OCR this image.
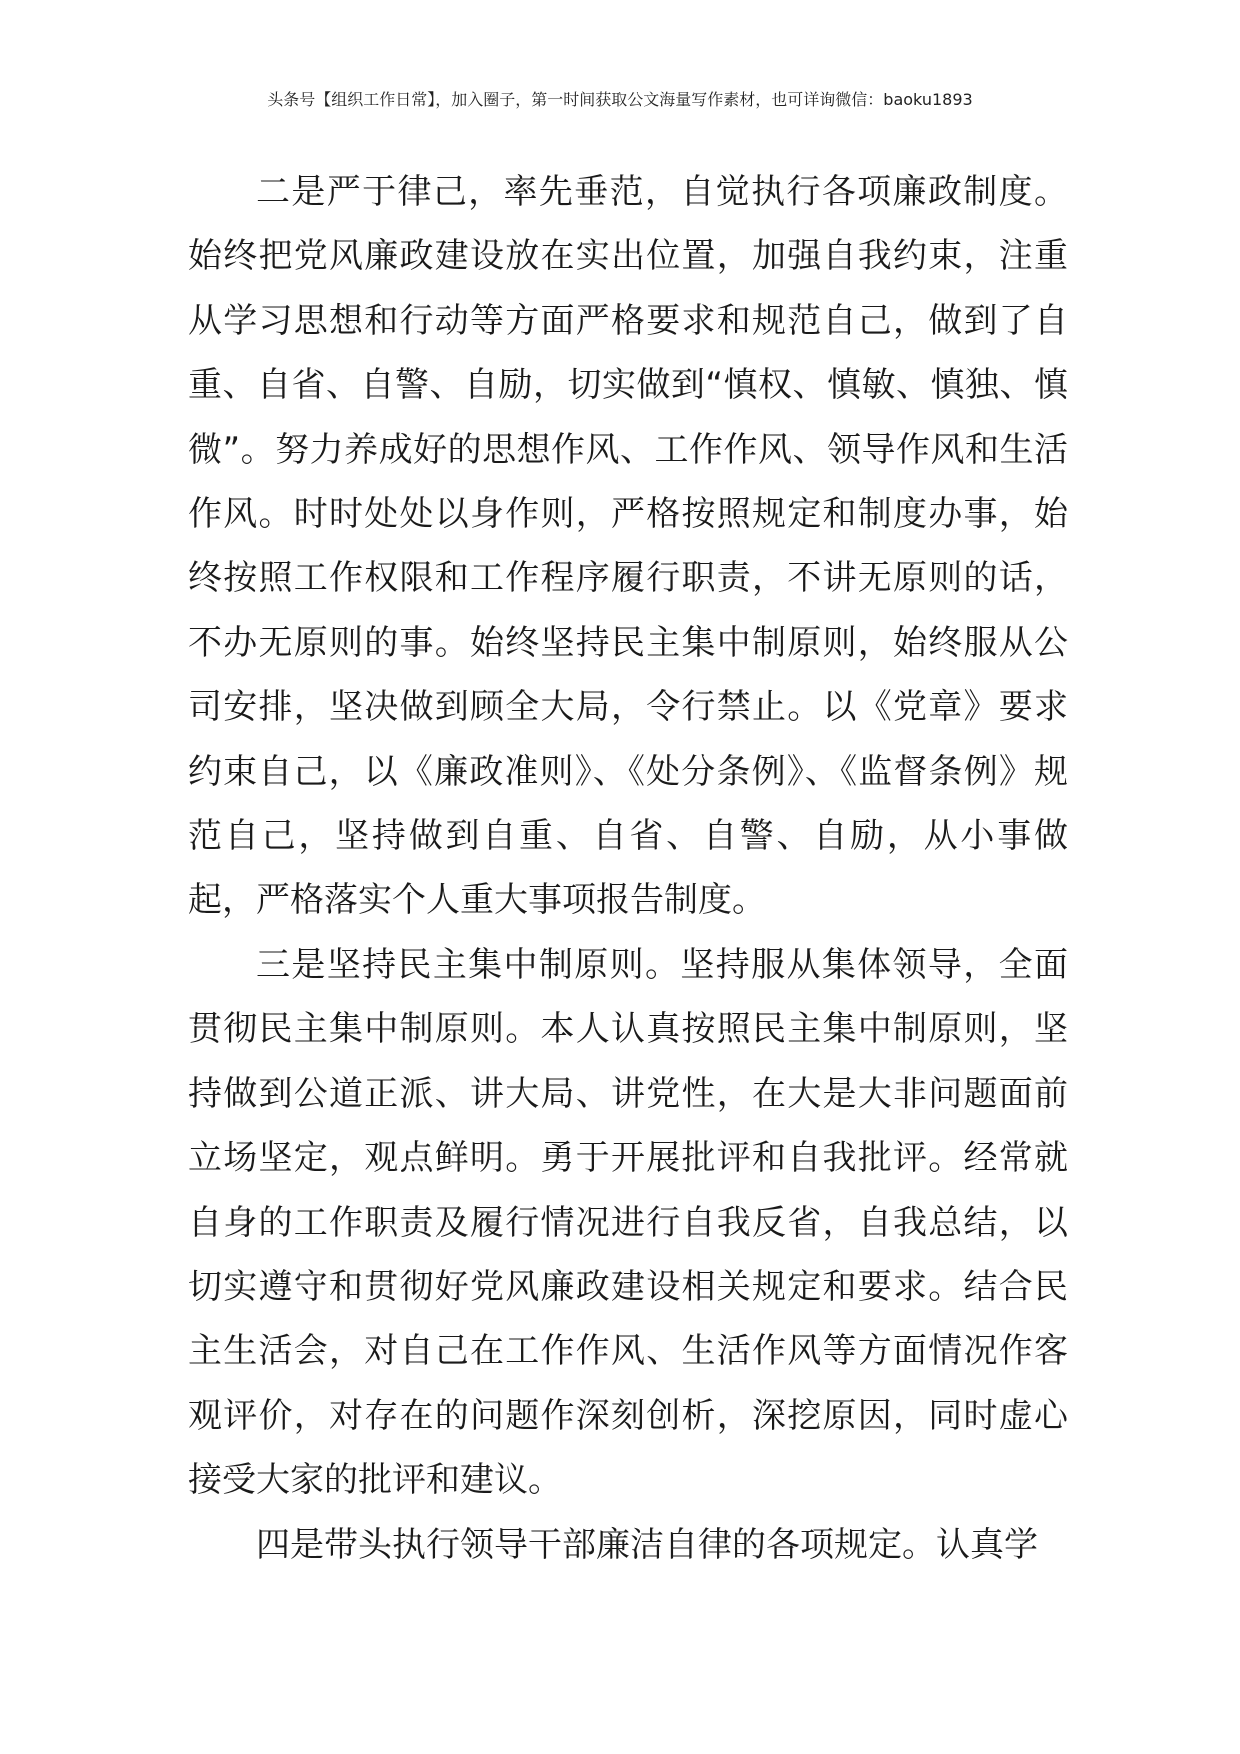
头条号【组织工作日常】，加入圈子，第一时间获取公文海量写作素材，也可详询微信：baoku1893

二是严于律己，率先垂范，自觉执行各项廉政制度。始终把党风廉政建设放在实出位置，加强自我约束，注重从学习思想和行动等方面严格要求和规范自己，做到了自重、自省、自警、自励，切实做到“慎权、慎敏、慎独、慎微”。努力养成好的思想作风、工作作风、领导作风和生活作风。时时处处以身作则，严格按照规定和制度办事，始终按照工作权限和工作程序履行职责，不讲无原则的话，不办无原则的事。始终坚持民主集中制原则，始终服从公司安排，坚决做到顾全大局，令行禁止。以《党章》要求约束自己，以《廉政准则》、《处分条例》、《监督条例》规范自己，坚持做到自重、自省、自警、自励，从小事做起，严格落实个人重大事项报告制度。

三是坚持民主集中制原则。坚持服从集体领导，全面贯彻民主集中制原则。本人认真按照民主集中制原则，坚持做到公道正派、讲大局、讲党性，在大是大非问题面前立场坚定，观点鲜明。勇于开展批评和自我批评。经常就自身的工作职责及履行情况进行自我反省，自我总结，以切实遵守和贯彻好党风廉政建设相关规定和要求。结合民主生活会，对自己在工作作风、生活作风等方面情况作客观评价，对存在的问题作深刻创析，深挖原因，同时虚心接受大家的批评和建议。

四是带头执行领导干部廉洁自律的各项规定。认真学
